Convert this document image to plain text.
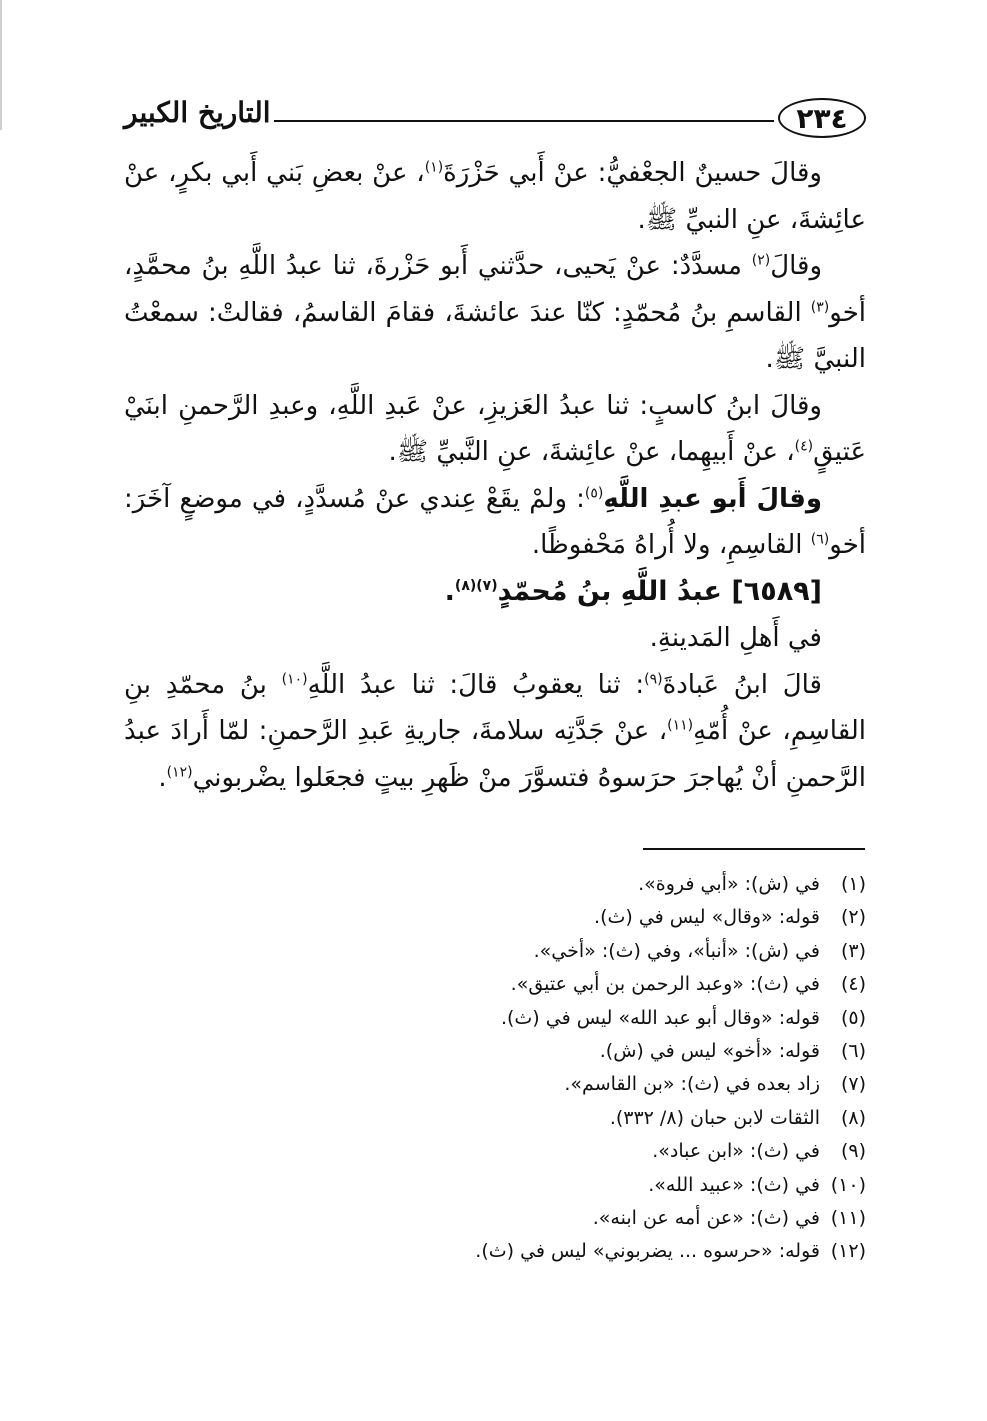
٢٣٤
التاريخ الكبير

وقالَ حسينٌ الجعْفيُّ: عنْ أَبي حَزْرَةَ$^{(١)}$، عنْ بعضِ بَني أَبي بكرٍ، عنْ عائِشةَ، عنِ النبيِّ ﷺ.

وقالَ$^{(٢)}$ مسدَّدٌ: عنْ يَحيى، حدَّثني أَبو حَزْرةَ، ثنا عبدُ اللَّهِ بنُ محمَّدٍ، أخو$^{(٣)}$ القاسمِ بنُ مُحمّدٍ: كنّا عندَ عائشةَ، فقامَ القاسمُ، فقالتْ: سمعْتُ النبيَّ ﷺ.

وقالَ ابنُ كاسبٍ: ثنا عبدُ العَزيزِ، عنْ عَبدِ اللَّهِ، وعبدِ الرَّحمنِ ابنَيْ عَتيقٍ$^{(٤)}$، عنْ أَبيهِما، عنْ عائِشةَ، عنِ النَّبيِّ ﷺ.

وقالَ أَبو عبدِ اللَّهِ$^{(٥)}$: ولمْ يقَعْ عِندي عنْ مُسدَّدٍ، في موضعٍ آخَرَ: أخو$^{(٦)}$ القاسِمِ، ولا أُراهُ مَحْفوظًا.

[٦٥٨٩] عبدُ اللَّهِ بنُ مُحمّدٍ$^{(٧)(٨)}$.

في أَهلِ المَدينةِ.

قالَ ابنُ عَبادةَ$^{(٩)}$: ثنا يعقوبُ قالَ: ثنا عبدُ اللَّهِ$^{(١٠)}$ بنُ محمّدِ بنِ القاسِمِ، عنْ أُمّهِ$^{(١١)}$، عنْ جَدَّتِه سلامةَ، جاريةِ عَبدِ الرَّحمنِ: لمّا أَرادَ عبدُ الرَّحمنِ أنْ يُهاجرَ حرَسوهُ فتسوَّرَ منْ ظَهرِ بيتٍ فجعَلوا يضْربوني$^{(١٢)}$.

(١)
في (ش): «أبي فروة».
(٢)
قوله: «وقال» ليس في (ث).
(٣)
في (ش): «أنبأ»، وفي (ث): «أخي».
(٤)
في (ث): «وعبد الرحمن بن أبي عتيق».
(٥)
قوله: «وقال أبو عبد الله» ليس في (ث).
(٦)
قوله: «أخو» ليس في (ش).
(٧)
زاد بعده في (ث): «بن القاسم».
(٨)
الثقات لابن حبان (٨/ ٣٣٢).
(٩)
في (ث): «ابن عباد».
(١٠)
في (ث): «عبيد الله».
(١١)
في (ث): «عن أمه عن ابنه».
(١٢)
قوله: «حرسوه ... يضربوني» ليس في (ث).
